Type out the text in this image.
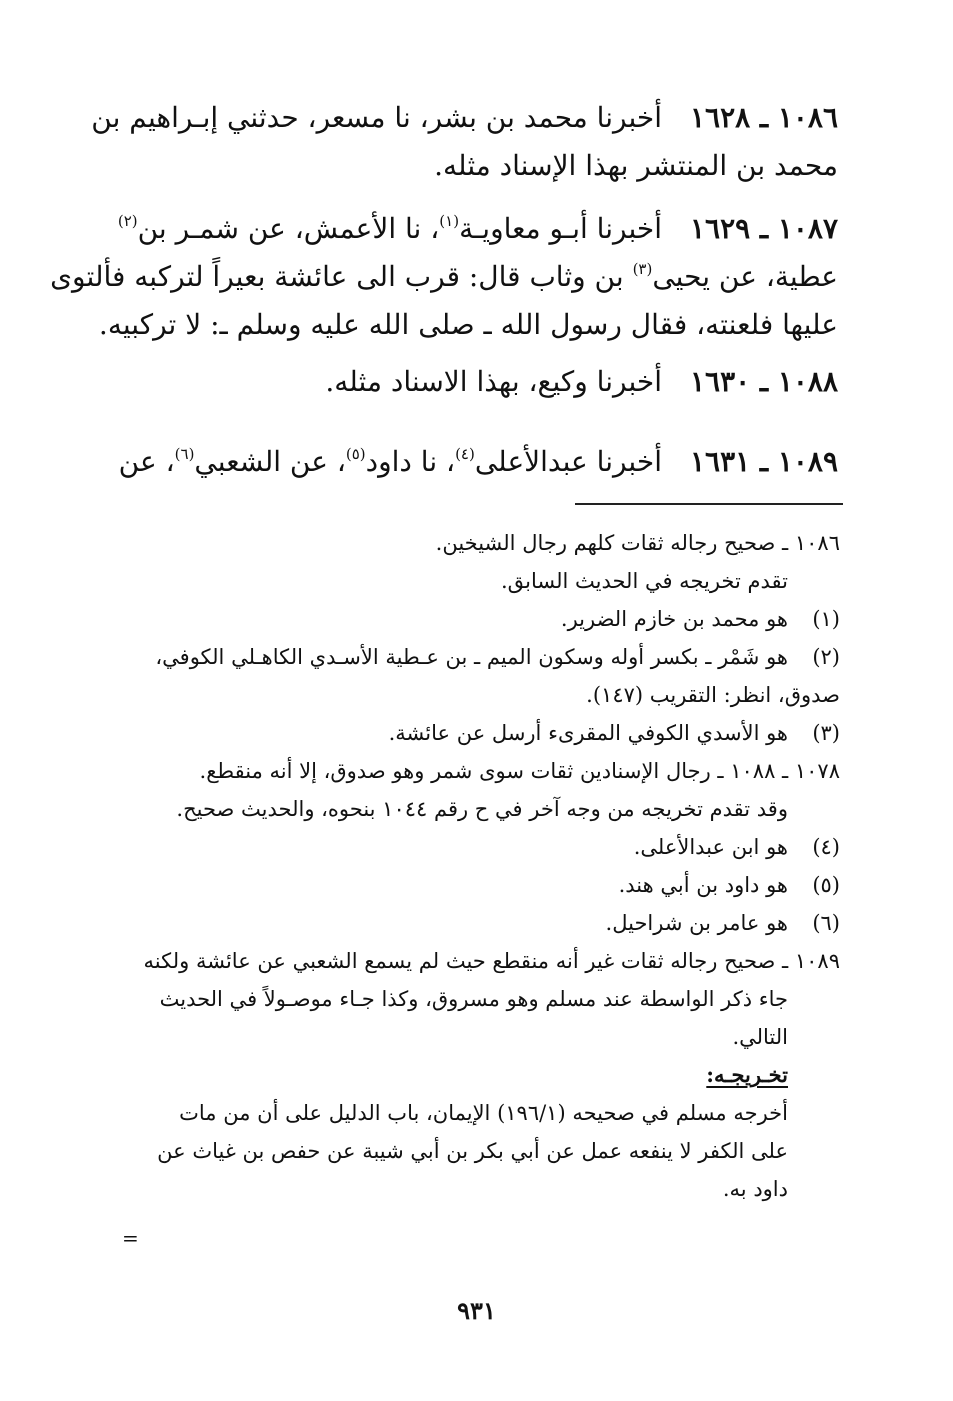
١٠٨٦ ـ ١٦٢٨أخبرنا محمد بن بشر، نا مسعر، حدثني إبـراهيم بن
محمد بن المنتشر بهذا الإسناد مثله.
١٠٨٧ ـ ١٦٢٩أخبرنا أبـو معاويـة$^{(١)}$، نا الأعمش، عن شمـر بن$^{(٢)}$
عطية، عن يحيى$^{(٣)}$ بن وثاب قال: قرب الى عائشة بعيراً لتركبه فألتوى
عليها فلعنته، فقال رسول الله ـ صلى الله عليه وسلم ـ: لا تركبيه.
١٠٨٨ ـ ١٦٣٠أخبرنا وكيع، بهذا الاسناد مثله.
١٠٨٩ ـ ١٦٣١أخبرنا عبدالأعلى$^{(٤)}$، نا داود$^{(٥)}$، عن الشعبي$^{(٦)}$، عن
١٠٨٦ ـ صحيح رجاله ثقات كلهم رجال الشيخين.
تقدم تخريجه في الحديث السابق.
(١)هو محمد بن خازم الضرير.
(٢)هو شَمْر ـ بكسر أوله وسكون الميم ـ بن عـطية الأسـدي الكاهـلي الكوفي،
صدوق، انظر: التقريب (١٤٧).
(٣)هو الأسدي الكوفي المقرىء أرسل عن عائشة.
١٠٧٨ ـ ١٠٨٨ ـ رجال الإسنادين ثقات سوى شمر وهو صدوق، إلا أنه منقطع.
وقد تقدم تخريجه من وجه آخر في ح رقم ١٠٤٤ بنحوه، والحديث صحيح.
(٤)هو ابن عبدالأعلى.
(٥)هو داود بن أبي هند.
(٦)هو عامر بن شراحيل.
١٠٨٩ ـ صحيح رجاله ثقات غير أنه منقطع حيث لم يسمع الشعبي عن عائشة ولكنه
جاء ذكر الواسطة عند مسلم وهو مسروق، وكذا جـاء موصـولاً في الحديث
التالي.
تخـريجـه:
أخرجه مسلم في صحيحه (١٩٦/١) الإيمان، باب الدليل على أن من مات
على الكفر لا ينفعه عمل عن أبي بكر بن أبي شيبة عن حفص بن غياث عن
داود به.
=
٩٣١
